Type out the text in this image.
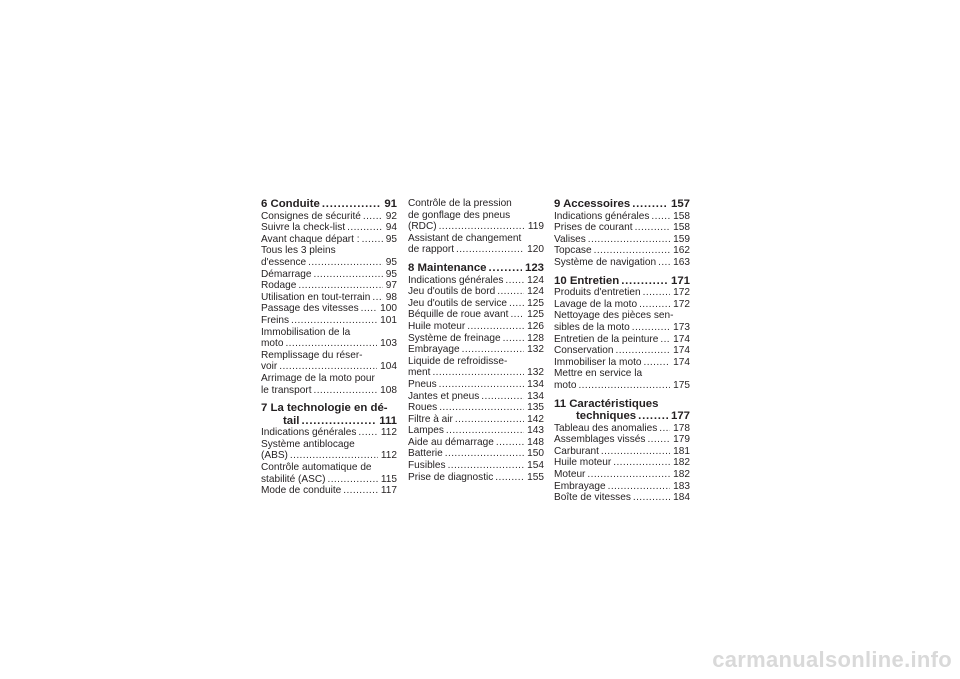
6 Conduite . . .	91
Consignes de sécurité . . . 92
Suivre la check-list . . .	94
Avant chaque départ : . . .	95
Tous les 3 pleins
d'essence . . .	95
Démarrage . . .	95
Rodage . . .	97
Utilisation en tout-terrain . . . 98
Passage des vitesses . . . 100
Freins . . .	101
Immobilisation de la
moto . . .	103
Remplissage du réser-
voir . . .	104
Arrimage de la moto pour
le transport . . .	108
7 La technologie en dé-
tail . . .	111
Indications générales . . . 112
Système antiblocage
(ABS) . . .	112
Contrôle automatique de
stabilité (ASC) . . .	115
Mode de conduite . . .	117
Contrôle de la pression
de gonflage des pneus
(RDC) . . .	119
Assistant de changement
de rapport . . .	120
8 Maintenance . . .	123
Indications générales . . . 124
Jeu d'outils de bord . . .	124
Jeu d'outils de service . . . 125
Béquille de roue avant . . . 125
Huile moteur . . .	126
Système de freinage . . .	128
Embrayage . . .	132
Liquide de refroidisse-
ment . . .	132
Pneus . . .	134
Jantes et pneus . . .	134
Roues . . .	135
Filtre à air . . .	142
Lampes . . .	143
Aide au démarrage . . .	148
Batterie . . .	150
Fusibles . . .	154
Prise de diagnostic . . .	155
9 Accessoires . . .	157
Indications générales . . . 158
Prises de courant . . .	158
Valises . . .	159
Topcase . . .	162
Système de navigation . . . 163
10 Entretien . . .	171
Produits d'entretien . . .	172
Lavage de la moto . . .	172
Nettoyage des pièces sen-
sibles de la moto . . .	173
Entretien de la peinture . . . 174
Conservation . . .	174
Immobiliser la moto . . .	174
Mettre en service la
moto . . .	175
11 Caractéristiques
techniques . . .	177
Tableau des anomalies . . . 178
Assemblages vissés . . .	179
Carburant . . .	181
Huile moteur . . .	182
Moteur . . .	182
Embrayage . . .	183
Boîte de vitesses . . .	184
carmanualsonline.info
